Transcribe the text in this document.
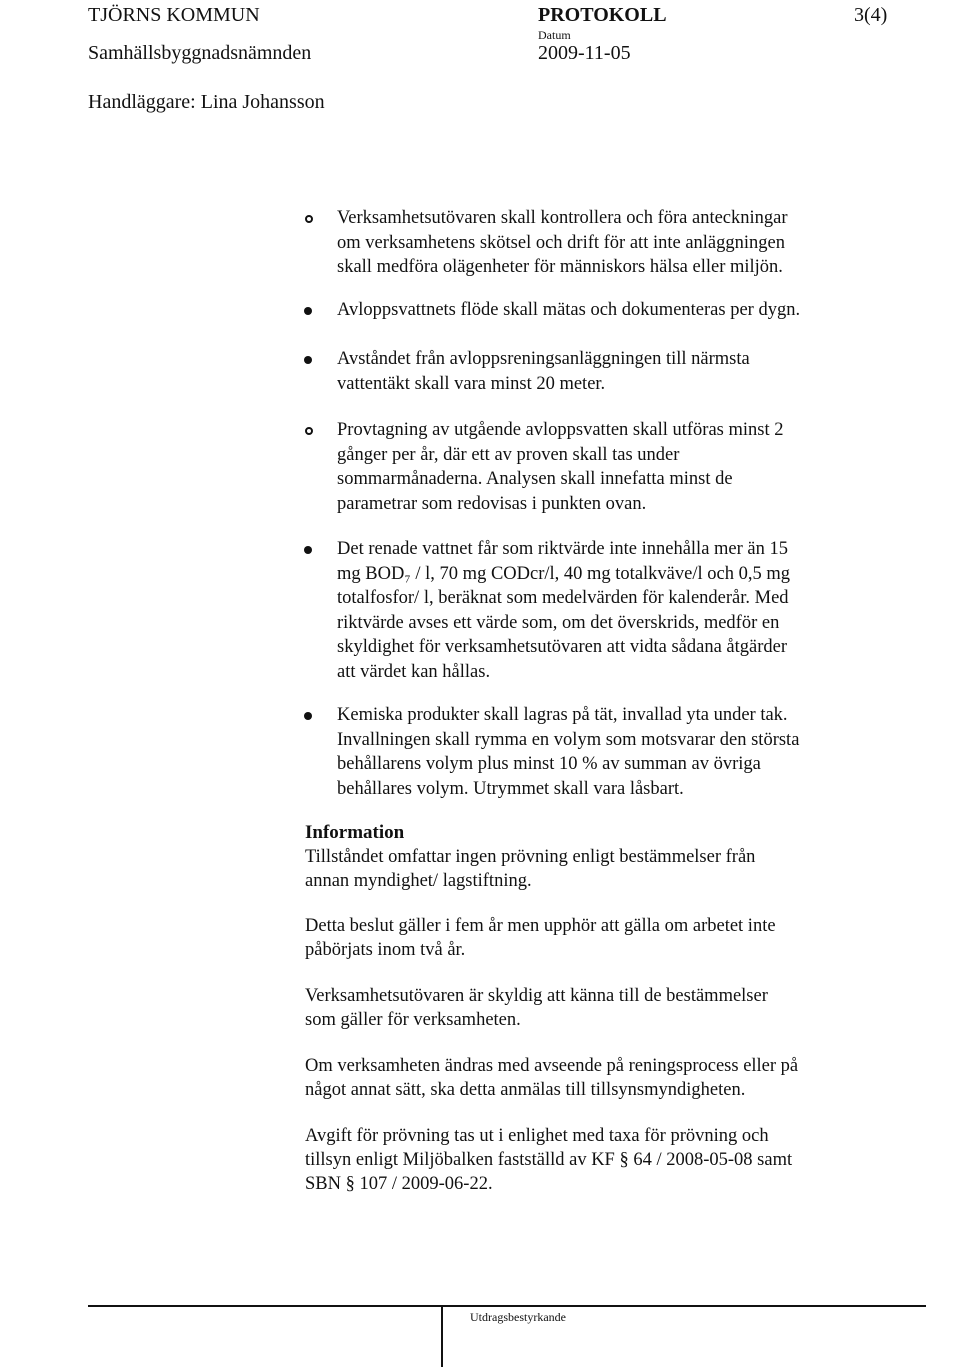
TJÖRNS KOMMUN
Samhällsbyggnadsnämnden
PROTOKOLL
Datum
2009-11-05
3(4)
Handläggare: Lina Johansson

Verksamhetsutövaren skall kontrollera och föra anteckningar
om verksamhetens skötsel och drift för att inte anläggningen
skall medföra olägenheter för människors hälsa eller miljön.

Avloppsvattnets flöde skall mätas och dokumenteras per dygn.

Avståndet från avloppsreningsanläggningen till närmsta
vattentäkt skall vara minst 20 meter.

Provtagning av utgående avloppsvatten skall utföras minst 2
gånger per år, där ett av proven skall tas under
sommarmånaderna. Analysen skall innefatta minst de
parametrar som redovisas i punkten ovan.

Det renade vattnet får som riktvärde inte innehålla mer än 15
mg BOD₇ / l, 70 mg CODcr/l, 40 mg totalkväve/l och 0,5 mg
totalfosfor/ l, beräknat som medelvärden för kalenderår. Med
riktvärde avses ett värde som, om det överskrids, medför en
skyldighet för verksamhetsutövaren att vidta sådana åtgärder
att värdet kan hållas.

Kemiska produkter skall lagras på tät, invallad yta under tak.
Invallningen skall rymma en volym som motsvarar den största
behållarens volym plus minst 10 % av summan av övriga
behållares volym. Utrymmet skall vara låsbart.

Information

Tillståndet omfattar ingen prövning enligt bestämmelser från
annan myndighet/ lagstiftning.

Detta beslut gäller i fem år men upphör att gälla om arbetet inte
påbörjats inom två år.

Verksamhetsutövaren är skyldig att känna till de bestämmelser
som gäller för verksamheten.

Om verksamheten ändras med avseende på reningsprocess eller på
något annat sätt, ska detta anmälas till tillsynsmyndigheten.

Avgift för prövning tas ut i enlighet med taxa för prövning och
tillsyn enligt Miljöbalken fastställd av KF § 64 / 2008-05-08 samt
SBN § 107 / 2009-06-22.

Utdragsbestyrkande
